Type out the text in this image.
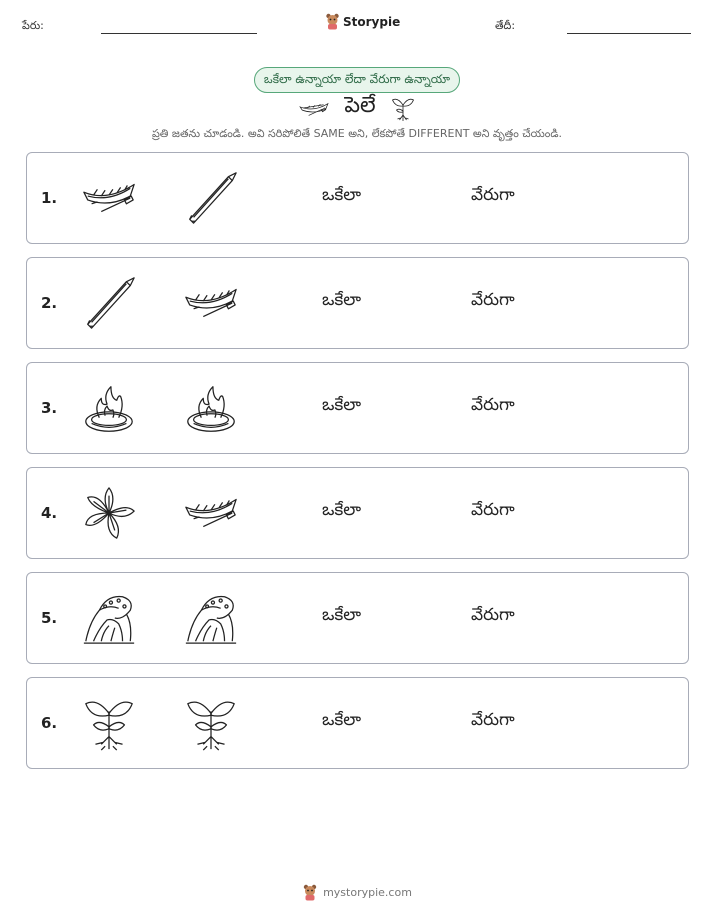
పేరు:	Storypie	తేదీ:
ఒకేలా ఉన్నాయా లేదా వేరుగా ఉన్నాయా
పెలే
ప్రతి జతను చూడండి. అవి సరిపోలితే SAME అని, లేకపోతే DIFFERENT అని వృత్తం చేయండి.
1.	ఒకేలా	వేరుగా
2.	ఒకేలా	వేరుగా
3.	ఒకేలా	వేరుగా
4.	ఒకేలా	వేరుగా
5.	ఒకేలా	వేరుగా
6.	ఒకేలా	వేరుగా
mystorypie.com
